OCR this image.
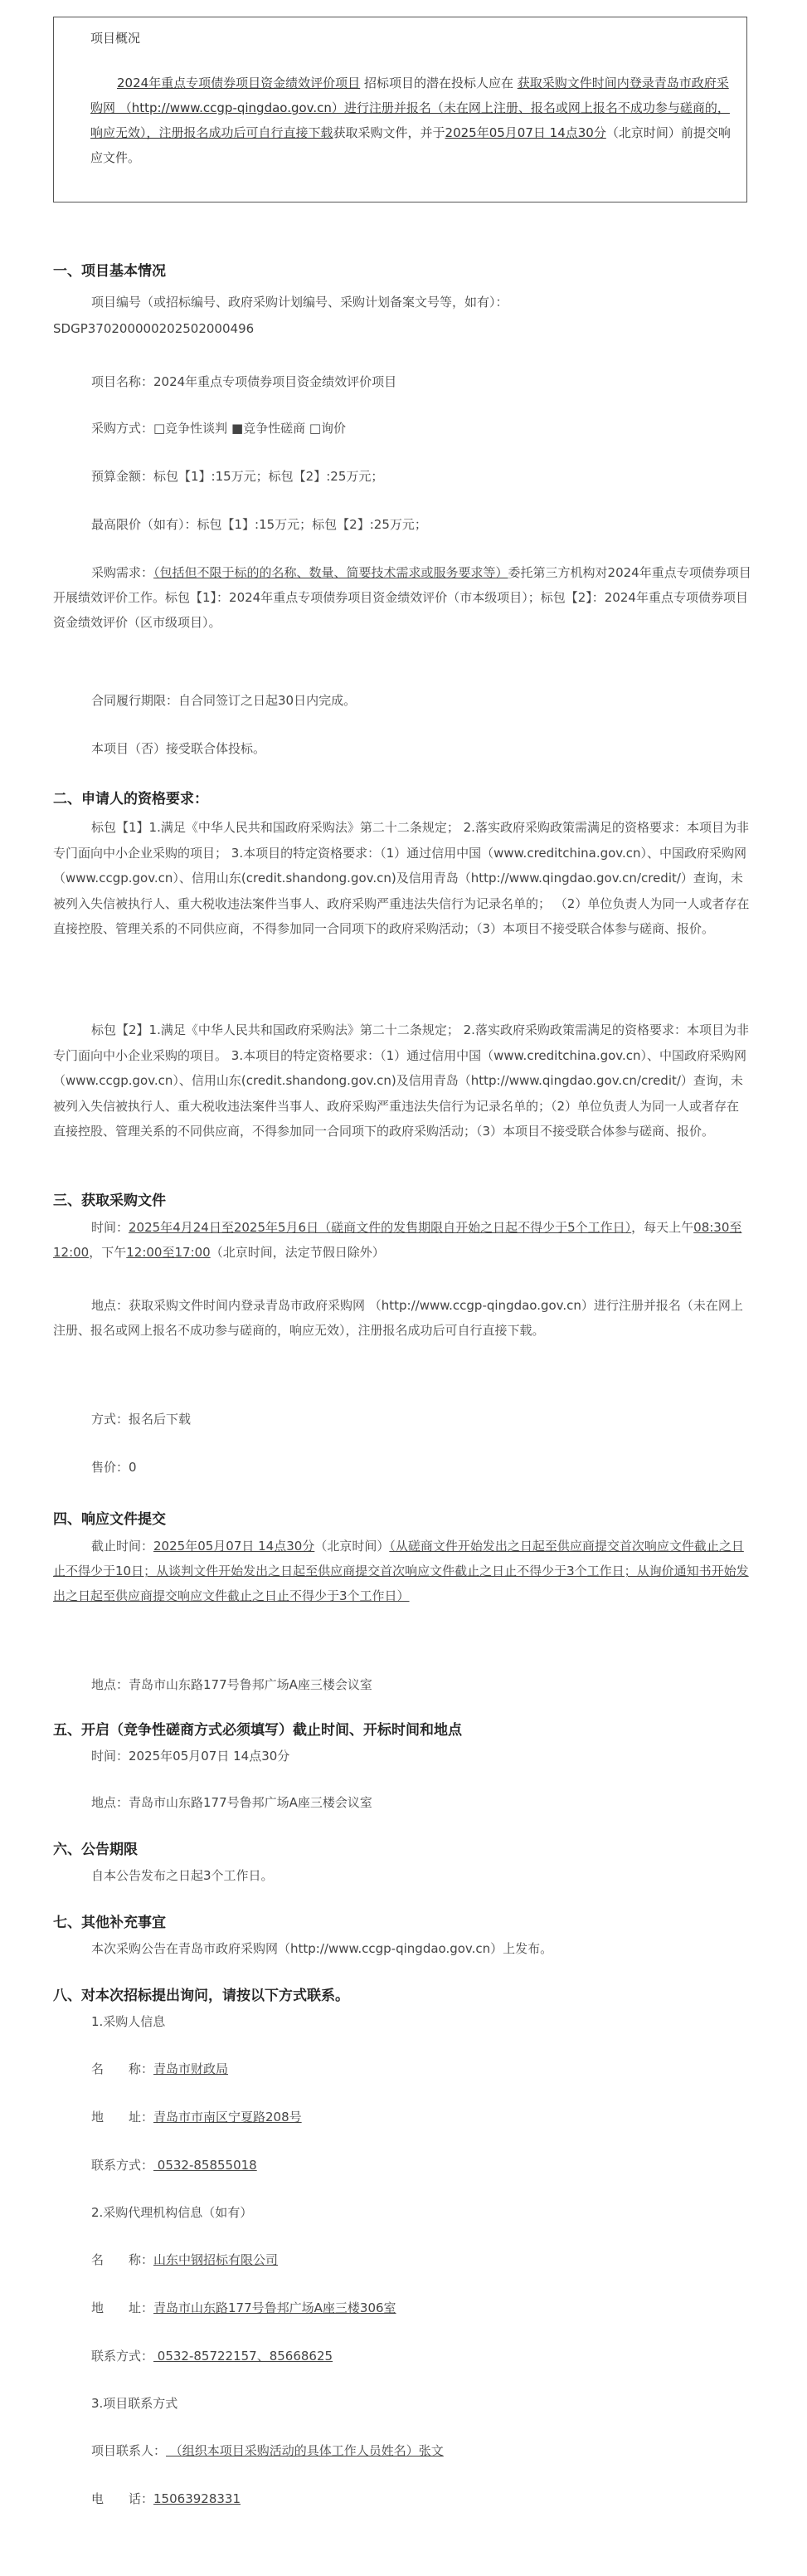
项目概况
2024年重点专项债券项目资金绩效评价项目 招标项目的潜在投标人应在 获取采购文件时间内登录青岛市政府采购网 （http://www.ccgp-qingdao.gov.cn）进行注册并报名（未在网上注册、报名或网上报名不成功参与磋商的，响应无效），注册报名成功后可自行直接下载获取采购文件，并于2025年05月07日 14点30分（北京时间）前提交响应文件。
一、项目基本情况
项目编号（或招标编号、政府采购计划编号、采购计划备案文号等，如有）：
SDGP370200000202502000496
项目名称：2024年重点专项债券项目资金绩效评价项目
采购方式：□竞争性谈判 ■竞争性磋商 □询价
预算金额：标包【1】:15万元；标包【2】:25万元；
最高限价（如有）：标包【1】:15万元；标包【2】:25万元；
采购需求：（包括但不限于标的的名称、数量、简要技术需求或服务要求等）委托第三方机构对2024年重点专项债券项目开展绩效评价工作。标包【1】：2024年重点专项债券项目资金绩效评价（市本级项目）；标包【2】：2024年重点专项债券项目资金绩效评价（区市级项目）。
合同履行期限：自合同签订之日起30日内完成。
本项目（否）接受联合体投标。
二、申请人的资格要求：
标包【1】1.满足《中华人民共和国政府采购法》第二十二条规定； 2.落实政府采购政策需满足的资格要求：本项目为非专门面向中小企业采购的项目； 3.本项目的特定资格要求：（1）通过信用中国（www.creditchina.gov.cn）、中国政府采购网（www.ccgp.gov.cn）、信用山东(credit.shandong.gov.cn)及信用青岛（http://www.qingdao.gov.cn/credit/）查询，未被列入失信被执行人、重大税收违法案件当事人、政府采购严重违法失信行为记录名单的； （2）单位负责人为同一人或者存在直接控股、管理关系的不同供应商，不得参加同一合同项下的政府采购活动；（3）本项目不接受联合体参与磋商、报价。
标包【2】1.满足《中华人民共和国政府采购法》第二十二条规定； 2.落实政府采购政策需满足的资格要求：本项目为非专门面向中小企业采购的项目。 3.本项目的特定资格要求：（1）通过信用中国（www.creditchina.gov.cn）、中国政府采购网（www.ccgp.gov.cn）、信用山东(credit.shandong.gov.cn)及信用青岛（http://www.qingdao.gov.cn/credit/）查询，未被列入失信被执行人、重大税收违法案件当事人、政府采购严重违法失信行为记录名单的；（2）单位负责人为同一人或者存在直接控股、管理关系的不同供应商，不得参加同一合同项下的政府采购活动；（3）本项目不接受联合体参与磋商、报价。
三、获取采购文件
时间：2025年4月24日至2025年5月6日（磋商文件的发售期限自开始之日起不得少于5个工作日），每天上午08:30至12:00，下午12:00至17:00（北京时间，法定节假日除外）
地点：获取采购文件时间内登录青岛市政府采购网 （http://www.ccgp-qingdao.gov.cn）进行注册并报名（未在网上注册、报名或网上报名不成功参与磋商的，响应无效），注册报名成功后可自行直接下载。
方式：报名后下载
售价：0
四、响应文件提交
截止时间：2025年05月07日 14点30分（北京时间）（从磋商文件开始发出之日起至供应商提交首次响应文件截止之日止不得少于10日；从谈判文件开始发出之日起至供应商提交首次响应文件截止之日止不得少于3个工作日；从询价通知书开始发出之日起至供应商提交响应文件截止之日止不得少于3个工作日）
地点：青岛市山东路177号鲁邦广场A座三楼会议室
五、开启（竞争性磋商方式必须填写）截止时间、开标时间和地点
时间：2025年05月07日 14点30分
地点：青岛市山东路177号鲁邦广场A座三楼会议室
六、公告期限
自本公告发布之日起3个工作日。
七、其他补充事宜
本次采购公告在青岛市政府采购网（http://www.ccgp-qingdao.gov.cn）上发布。
八、对本次招标提出询问，请按以下方式联系。
1.采购人信息
名　　称：青岛市财政局
地　　址：青岛市市南区宁夏路208号
联系方式： 0532-85855018
2.采购代理机构信息（如有）
名　　称：山东中钢招标有限公司
地　　址：青岛市山东路177号鲁邦广场A座三楼306室
联系方式： 0532-85722157、85668625
3.项目联系方式
项目联系人： （组织本项目采购活动的具体工作人员姓名）张文
电　　话：15063928331
